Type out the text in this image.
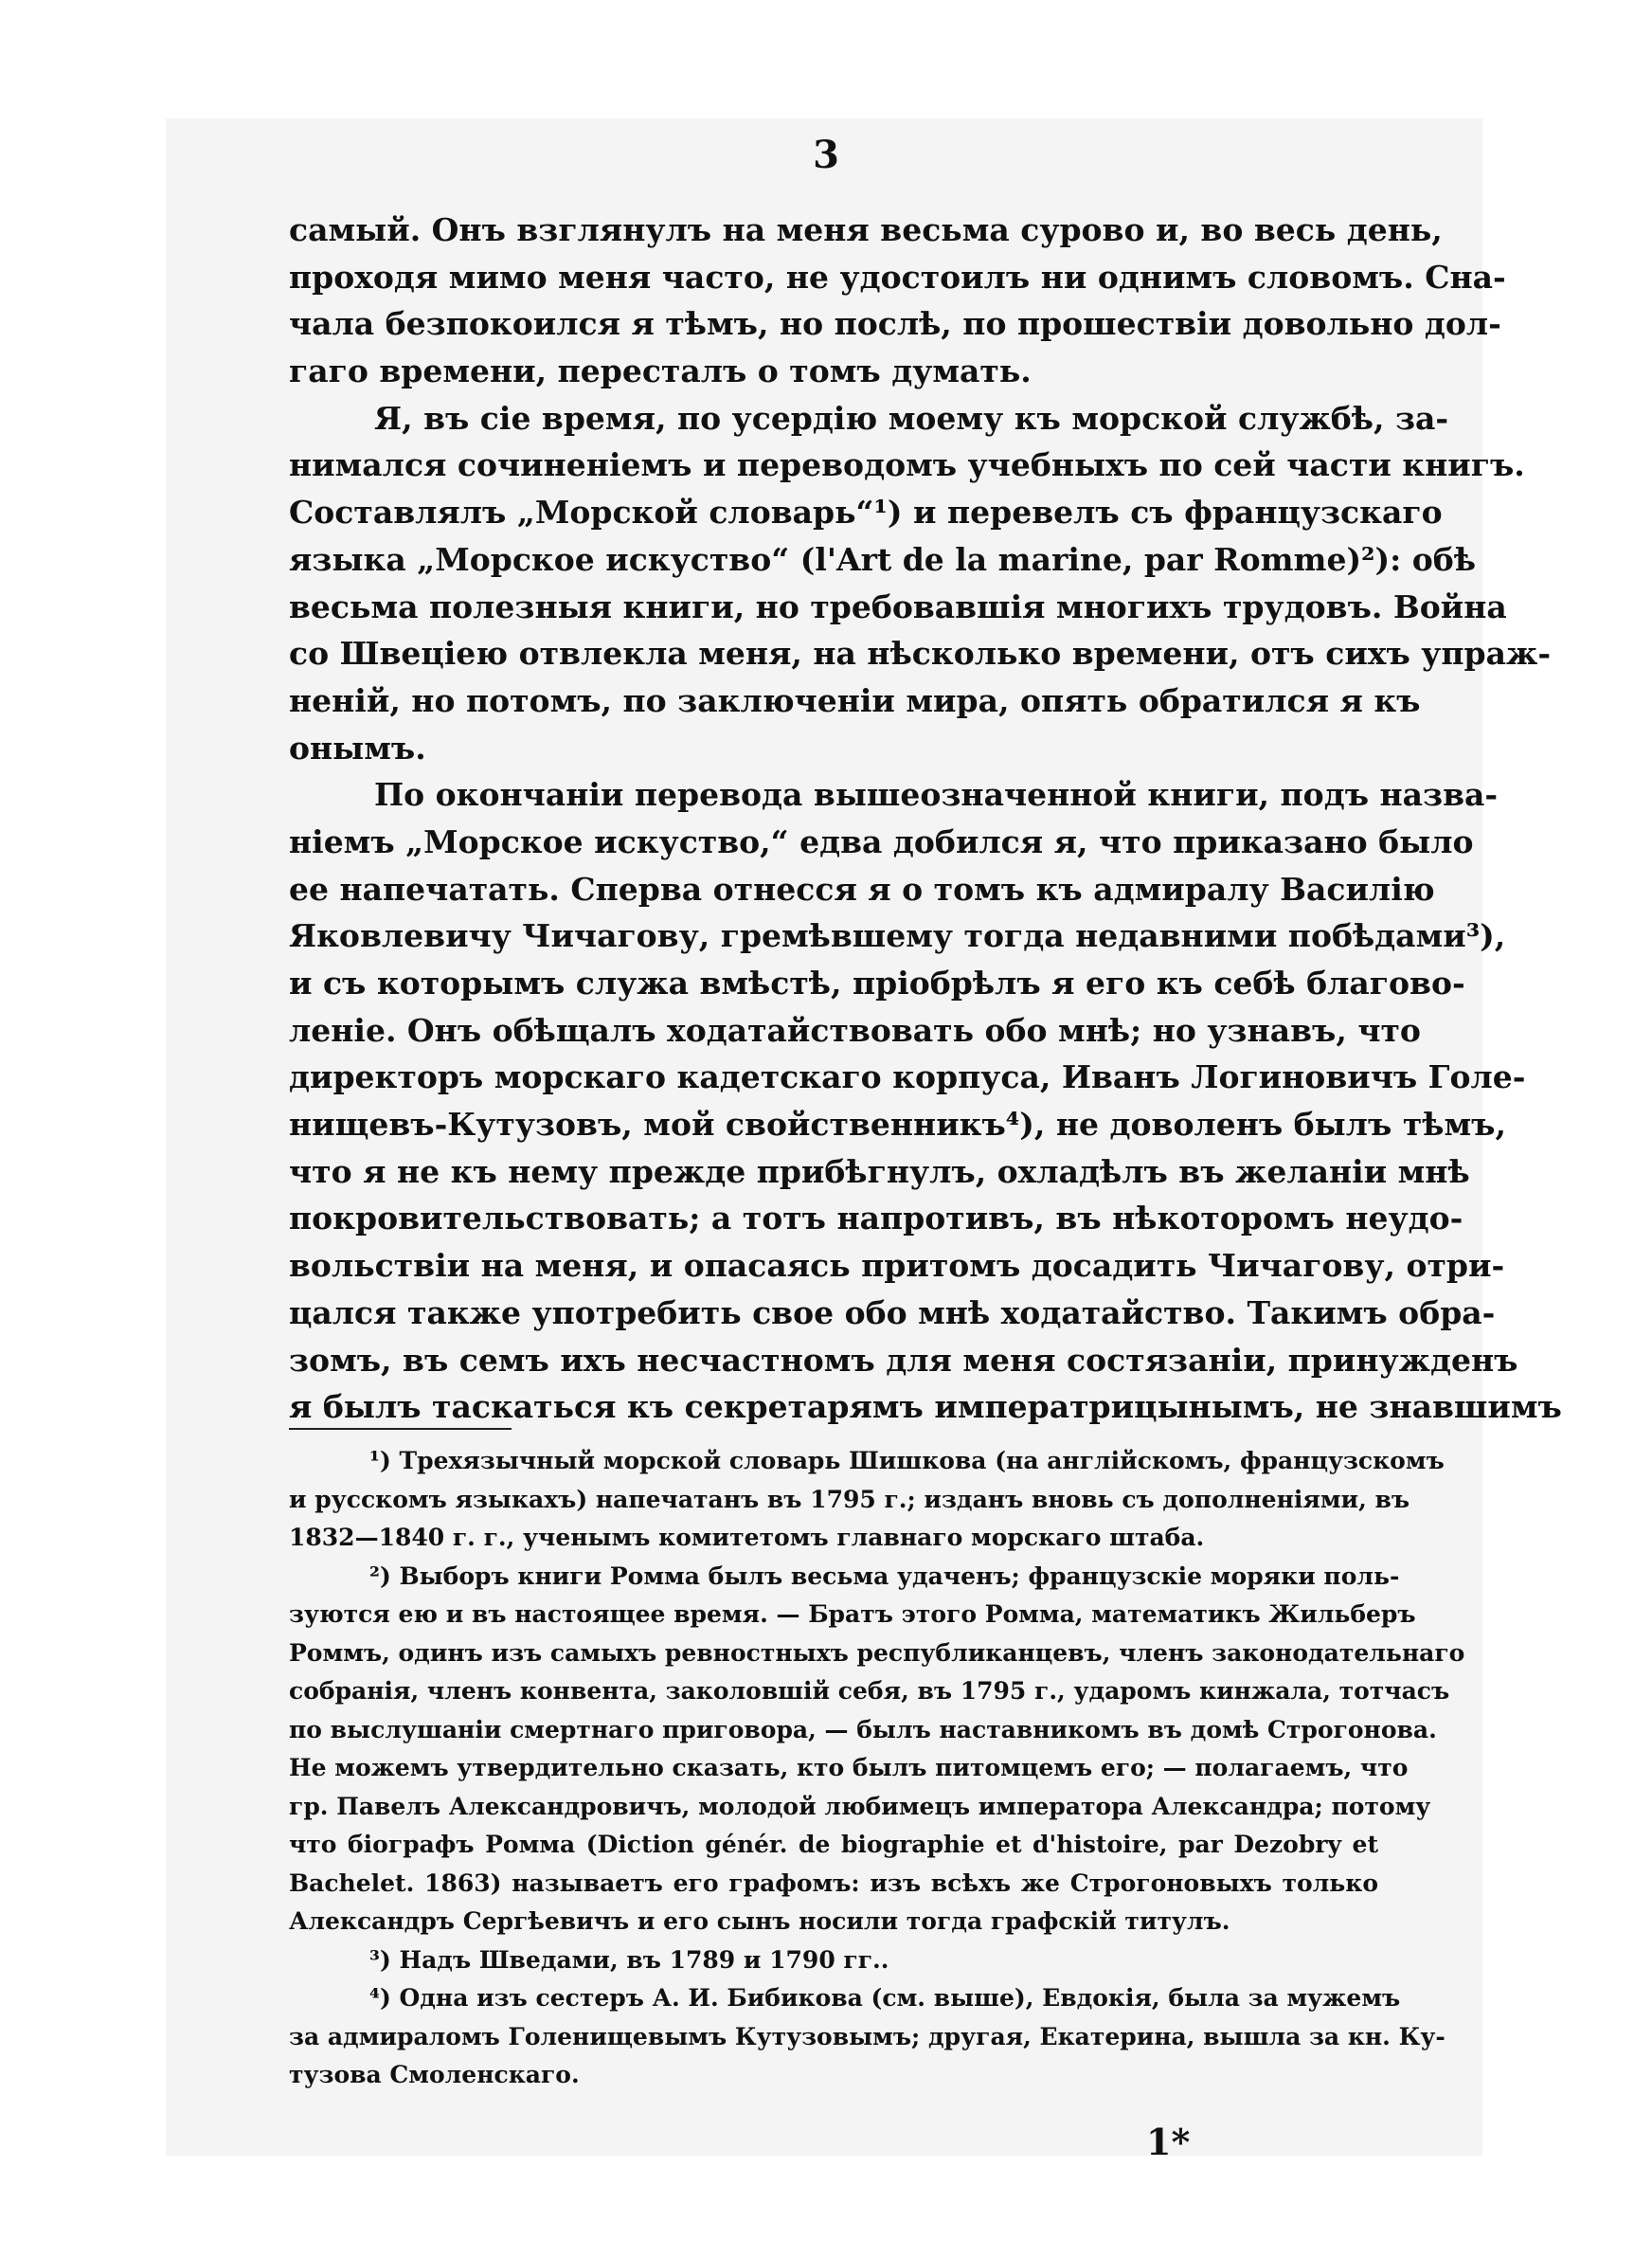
3
самый. Онъ взглянулъ на меня весьма сурово и, во весь день,
проходя мимо меня часто, не удостоилъ ни однимъ словомъ. Сна-
чала безпокоился я тѣмъ, но послѣ, по прошествіи довольно дол-
гаго времени, пересталъ о томъ думать.
Я, въ сіе время, по усердію моему къ морской службѣ, за-
нимался сочиненіемъ и переводомъ учебныхъ по сей части книгъ.
Составлялъ „Морской словарь“¹) и перевелъ съ французскаго
языка „Морское искуство“ (l'Art de la marine, par Romme)²): обѣ
весьма полезныя книги, но требовавшія многихъ трудовъ. Война
со Швеціею отвлекла меня, на нѣсколько времени, отъ сихъ упраж-
неній, но потомъ, по заключеніи мира, опять обратился я къ
онымъ.
По окончаніи перевода вышеозначенной книги, подъ назва-
ніемъ „Морское искуство,“ едва добился я, что приказано было
ее напечатать. Сперва отнесся я о томъ къ адмиралу Василію
Яковлевичу Чичагову, гремѣвшему тогда недавними побѣдами³),
и съ которымъ служа вмѣстѣ, пріобрѣлъ я его къ себѣ благово-
леніе. Онъ обѣщалъ ходатайствовать обо мнѣ; но узнавъ, что
директоръ морскаго кадетскаго корпуса, Иванъ Логиновичъ Голе-
нищевъ-Кутузовъ, мой свойственникъ⁴), не доволенъ былъ тѣмъ,
что я не къ нему прежде прибѣгнулъ, охладѣлъ въ желаніи мнѣ
покровительствовать; а тотъ напротивъ, въ нѣкоторомъ неудо-
вольствіи на меня, и опасаясь притомъ досадить Чичагову, отри-
цался также употребить свое обо мнѣ ходатайство. Такимъ обра-
зомъ, въ семъ ихъ несчастномъ для меня состязаніи, принужденъ
я былъ таскаться къ секретарямъ императрицынымъ, не знавшимъ
¹) Трехязычный морской словарь Шишкова (на англійскомъ, французскомъ
и русскомъ языкахъ) напечатанъ въ 1795 г.; изданъ вновь съ дополненіями, въ
1832—1840 г. г., ученымъ комитетомъ главнаго морскаго штаба.
²) Выборъ книги Ромма былъ весьма удаченъ; французскіе моряки поль-
зуются ею и въ настоящее время. — Братъ этого Ромма, математикъ Жильберъ
Роммъ, одинъ изъ самыхъ ревностныхъ республиканцевъ, членъ законодательнаго
собранія, членъ конвента, заколовшій себя, въ 1795 г., ударомъ кинжала, тотчасъ
по выслушаніи смертнаго приговора, — былъ наставникомъ въ домѣ Строгонова.
Не можемъ утвердительно сказать, кто былъ питомцемъ его; — полагаемъ, что
гр. Павелъ Александровичъ, молодой любимецъ императора Александра; потому
что біографъ Ромма (Diction génér. de biographie et d'histoire, par Dezobry et
Bachelet. 1863) называетъ его графомъ: изъ всѣхъ же Строгоновыхъ только
Александръ Сергѣевичъ и его сынъ носили тогда графскій титулъ.
³) Надъ Шведами, въ 1789 и 1790 гг..
⁴) Одна изъ сестеръ А. И. Бибикова (см. выше), Евдокія, была за мужемъ
за адмираломъ Голенищевымъ Кутузовымъ; другая, Екатерина, вышла за кн. Ку-
тузова Смоленскаго.
1*
